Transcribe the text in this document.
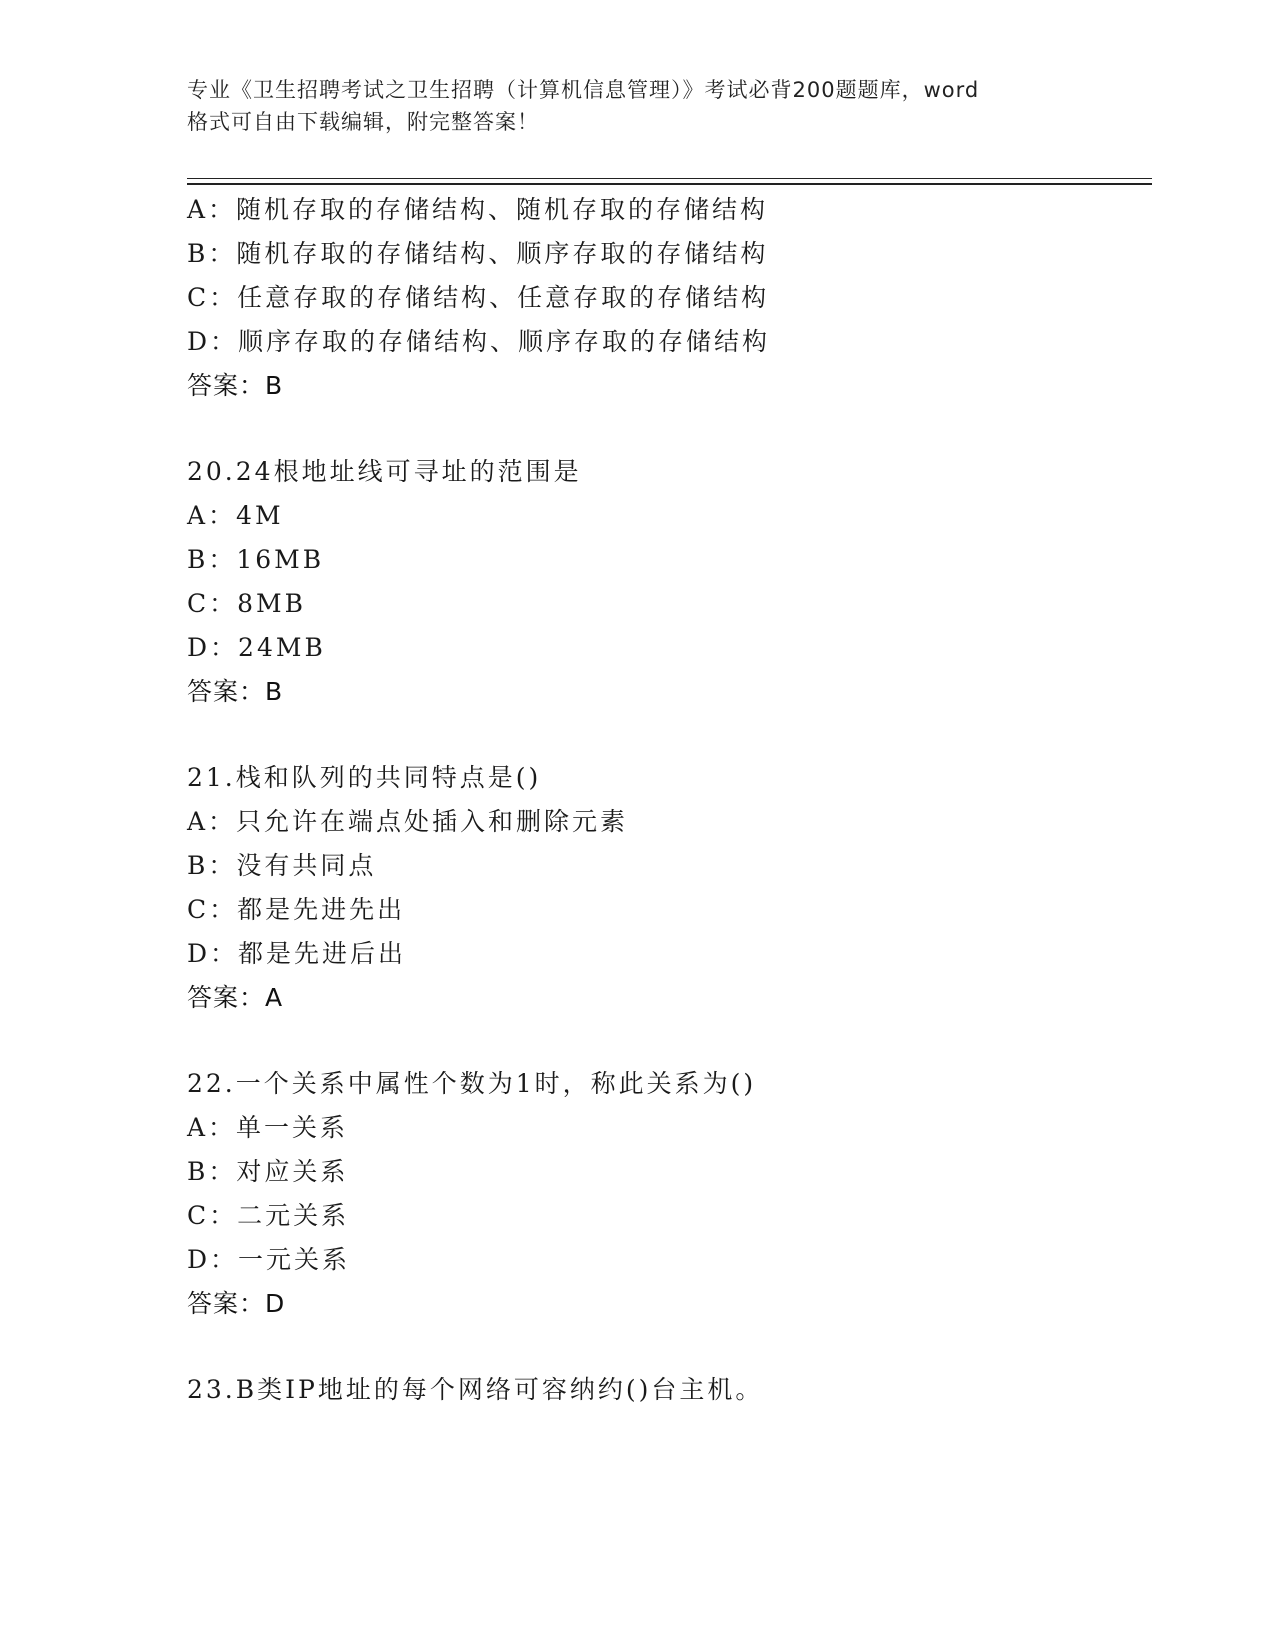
专业《卫生招聘考试之卫生招聘（计算机信息管理）》考试必背200题题库，word
格式可自由下载编辑，附完整答案！
A：随机存取的存储结构、随机存取的存储结构
B：随机存取的存储结构、顺序存取的存储结构
C：任意存取的存储结构、任意存取的存储结构
D：顺序存取的存储结构、顺序存取的存储结构
答案：B
20.24根地址线可寻址的范围是
A：4M
B：16MB
C：8MB
D：24MB
答案：B
21.栈和队列的共同特点是()
A：只允许在端点处插入和删除元素
B：没有共同点
C：都是先进先出
D：都是先进后出
答案：A
22.一个关系中属性个数为1时，称此关系为()
A：单一关系
B：对应关系
C：二元关系
D：一元关系
答案：D
23.B类IP地址的每个网络可容纳约()台主机。
